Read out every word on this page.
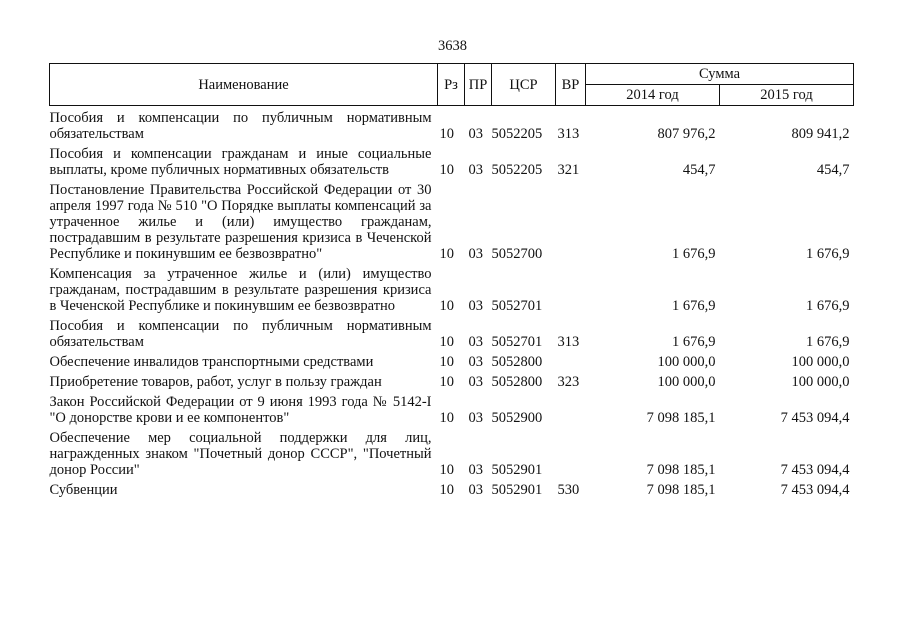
3638
Наименование	Рз	ПР	ЦСР	ВР	Сумма	
					2014 год	2015 год
Пособия и компенсации по публичным нормативным обязательствам	10	03	5052205	313	807 976,2	809 941,2
Пособия и компенсации гражданам и иные социальные выплаты, кроме публичных нормативных обязательств	10	03	5052205	321	454,7	454,7
Постановление Правительства Российской Федерации от 30 апреля 1997 года № 510 "О Порядке выплаты компенсаций за утраченное жилье и (или) имущество гражданам, пострадавшим в результате разрешения кризиса в Чеченской Республике и покинувшим ее безвозвратно"	10	03	5052700		1 676,9	1 676,9
Компенсация за утраченное жилье и (или) имущество гражданам, пострадавшим в результате разрешения кризиса в Чеченской Республике и покинувшим ее безвозвратно	10	03	5052701		1 676,9	1 676,9
Пособия и компенсации по публичным нормативным обязательствам	10	03	5052701	313	1 676,9	1 676,9
Обеспечение инвалидов транспортными средствами	10	03	5052800		100 000,0	100 000,0
Приобретение товаров, работ, услуг в пользу граждан	10	03	5052800	323	100 000,0	100 000,0
Закон Российской Федерации от 9 июня 1993 года № 5142-I "О донорстве крови и ее компонентов"	10	03	5052900		7 098 185,1	7 453 094,4
Обеспечение мер социальной поддержки для лиц, награжденных знаком "Почетный донор СССР", "Почетный донор России"	10	03	5052901		7 098 185,1	7 453 094,4
Субвенции	10	03	5052901	530	7 098 185,1	7 453 094,4
